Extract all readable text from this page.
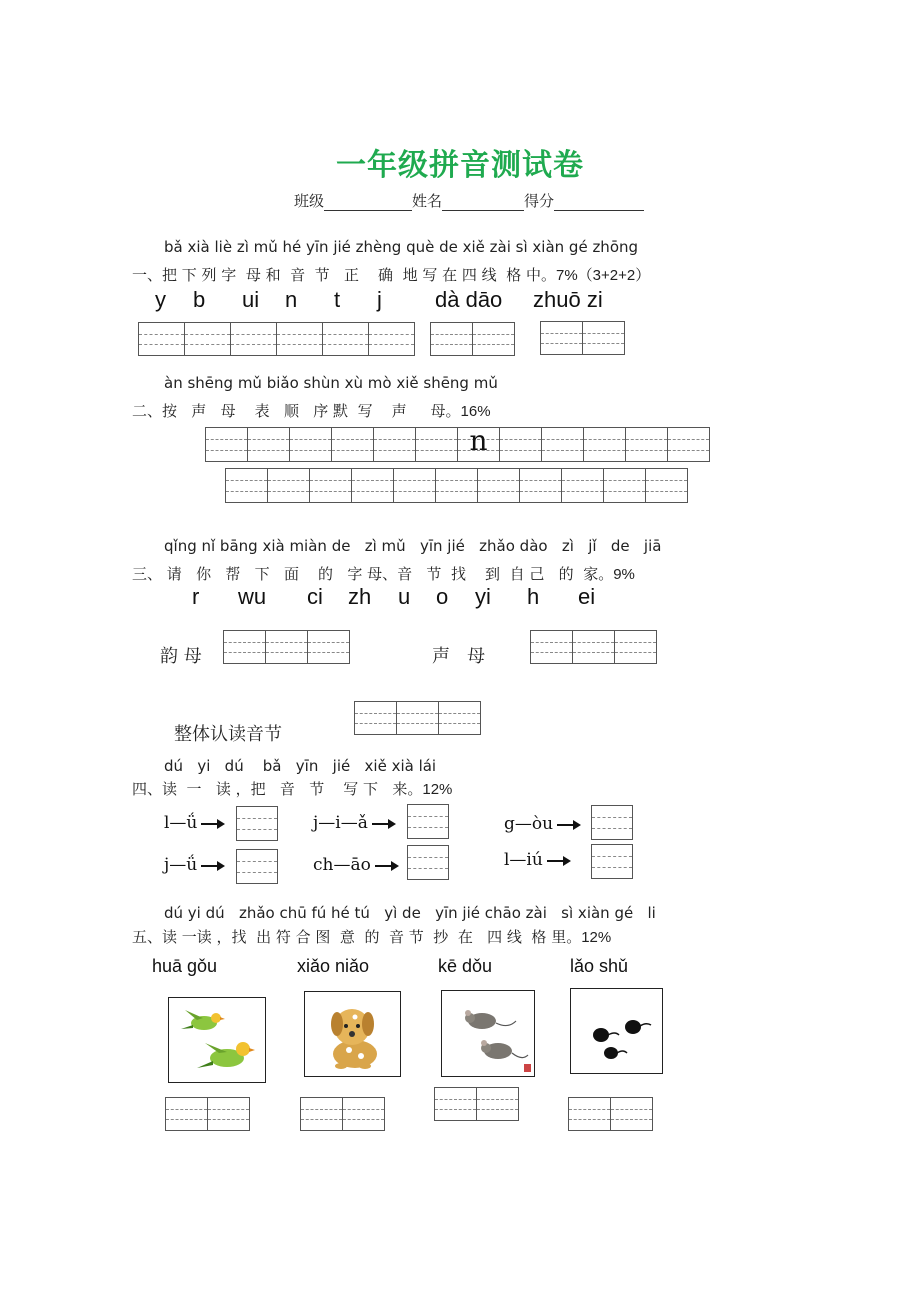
一年级拼音测试卷
班级	姓名	得分
bǎ xià liè zì mǔ hé yīn jié zhèng què de xiě zài sì xiàn gé zhōng
一、把 下 列 字  母 和  音  节   正    确  地 写 在 四 线  格 中。7%（3+2+2）
y b ui n t j dà dāo zhuō zi
àn shēng mǔ biǎo shùn xù mò xiě shēng mǔ
二、按   声   母    表   顺   序 默  写    声     母。16%
n
qǐng nǐ bāng xià miàn de   zì mǔ   yīn jié   zhǎo dào   zì   jǐ   de   jiā
三、 请   你   帮   下   面    的   字 母、音   节  找    到  自 己   的  家。9%
r wu ci zh u o yi h ei
韵 母	声   母
整体认读音节
dú   yi   dú    bǎ   yīn   jié   xiě xià lái
四、读  一   读 ，把   音   节    写 下   来。12%
l—ǘ	j—i—ǎ	g—òu
j—ǘ	ch—āo	l—iú
dú yi dú   zhǎo chū fú hé tú   yì de   yīn jié chāo zài   sì xiàn gé   li
五、读 一读 ，找  出 符 合 图  意  的  音 节  抄  在   四 线  格 里。12%
huā gǒu	xiǎo niǎo	kē dǒu	lǎo shǔ
